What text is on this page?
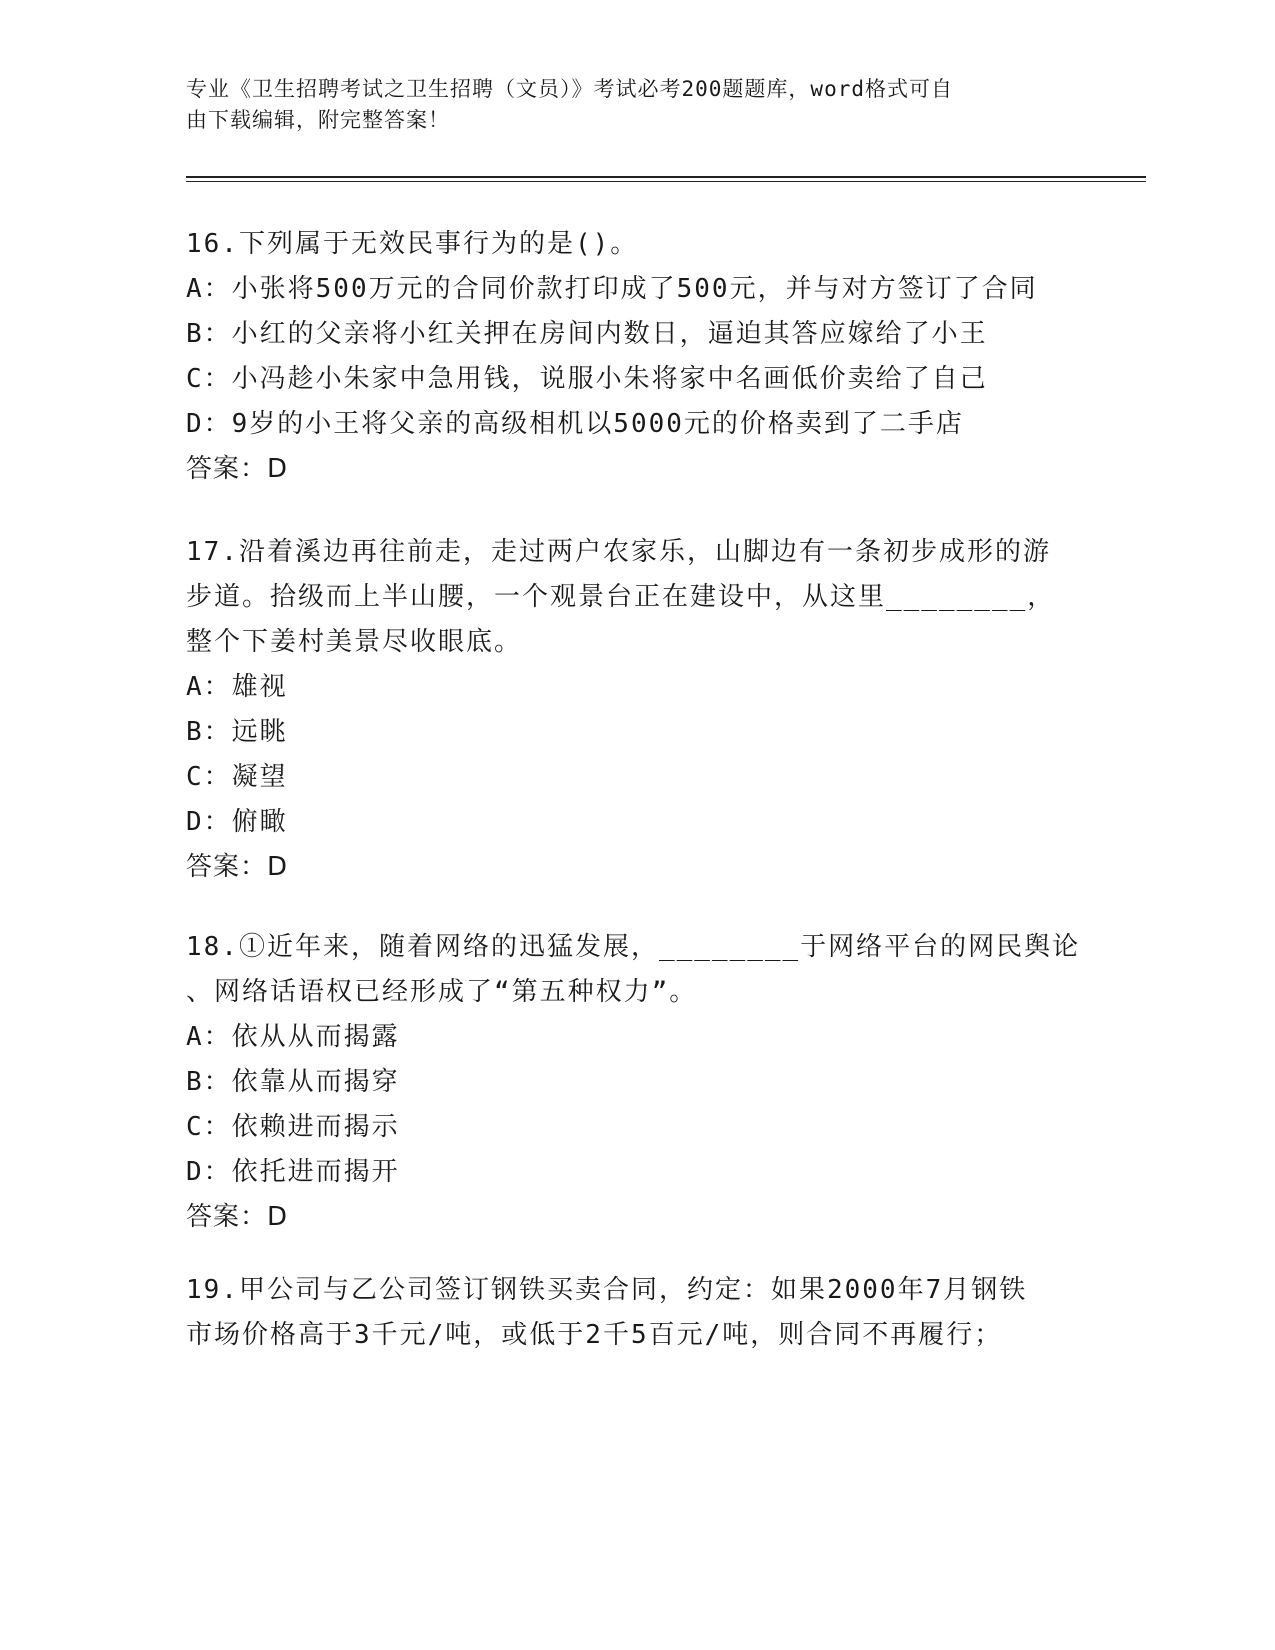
专业《卫生招聘考试之卫生招聘（文员）》考试必考200题题库，word格式可自
由下载编辑，附完整答案！
16.下列属于无效民事行为的是()。
A：小张将500万元的合同价款打印成了500元，并与对方签订了合同
B：小红的父亲将小红关押在房间内数日，逼迫其答应嫁给了小王
C：小冯趁小朱家中急用钱，说服小朱将家中名画低价卖给了自己
D：9岁的小王将父亲的高级相机以5000元的价格卖到了二手店
答案：D
17.沿着溪边再往前走，走过两户农家乐，山脚边有一条初步成形的游
步道。拾级而上半山腰，一个观景台正在建设中，从这里________，
整个下姜村美景尽收眼底。
A：雄视
B：远眺
C：凝望
D：俯瞰
答案：D
18.①近年来，随着网络的迅猛发展，________于网络平台的网民舆论
、网络话语权已经形成了“第五种权力”。
A：依从从而揭露
B：依靠从而揭穿
C：依赖进而揭示
D：依托进而揭开
答案：D
19.甲公司与乙公司签订钢铁买卖合同，约定：如果2000年7月钢铁
市场价格高于3千元/吨，或低于2千5百元/吨，则合同不再履行；
